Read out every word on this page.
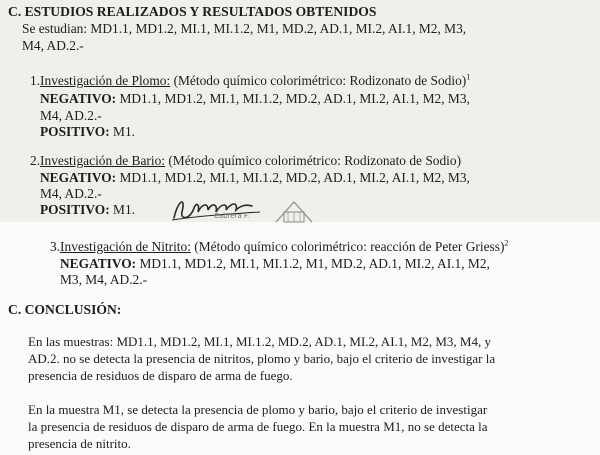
C. ESTUDIOS REALIZADOS Y RESULTADOS OBTENIDOS
Se estudian: MD1.1, MD1.2, MI.1, MI.1.2, M1, MD.2, AD.1, MI.2, AI.1, M2, M3,
M4, AD.2.-
1.Investigación de Plomo: (Método químico colorimétrico: Rodizonato de Sodio)$^1$
NEGATIVO: MD1.1, MD1.2, MI.1, MI.1.2, MD.2, AD.1, MI.2, AI.1, M2, M3,
M4, AD.2.-
POSITIVO: M1.
2.Investigación de Bario: (Método químico colorimétrico: Rodizonato de Sodio)
NEGATIVO: MD1.1, MD1.2, MI.1, MI.1.2, MD.2, AD.1, MI.2, AI.1, M2, M3,
M4, AD.2.-
POSITIVO: M1.	Cabrera F.
3.Investigación de Nitrito: (Método químico colorimétrico: reacción de Peter Griess)$^2$
NEGATIVO: MD1.1, MD1.2, MI.1, MI.1.2, M1, MD.2, AD.1, MI.2, AI.1, M2,
M3, M4, AD.2.-
C. CONCLUSIÓN:
En las muestras: MD1.1, MD1.2, MI.1, MI.1.2, MD.2, AD.1, MI.2, AI.1, M2, M3, M4, y
AD.2. no se detecta la presencia de nitritos, plomo y bario, bajo el criterio de investigar la
presencia de residuos de disparo de arma de fuego.
En la muestra M1, se detecta la presencia de plomo y bario, bajo el criterio de investigar
la presencia de residuos de disparo de arma de fuego. En la muestra M1, no se detecta la
presencia de nitrito.
